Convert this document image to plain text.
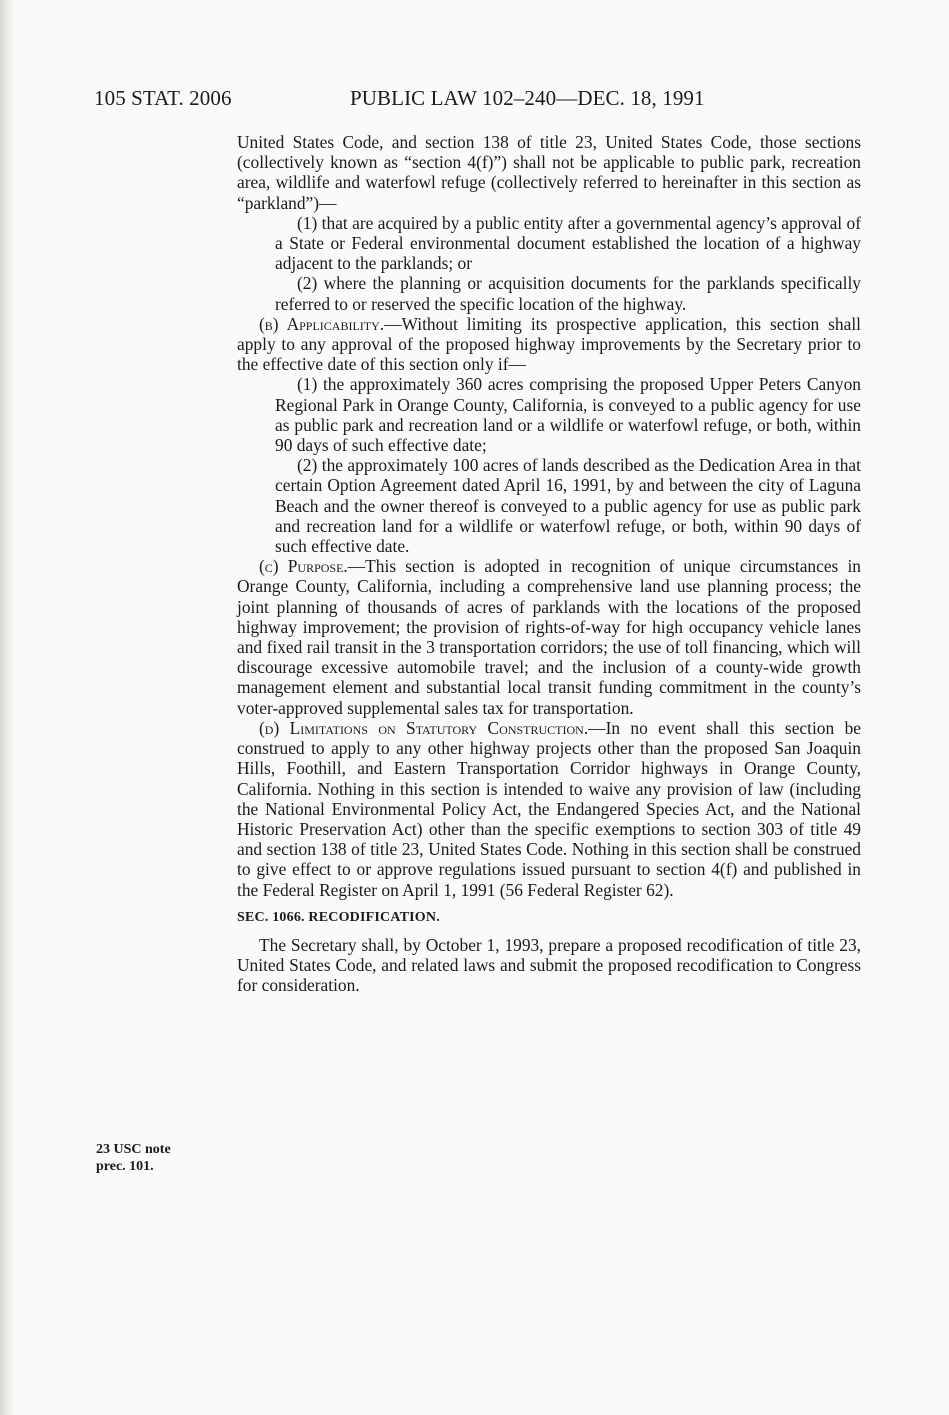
105 STAT. 2006	PUBLIC LAW 102–240—DEC. 18, 1991
23 USC note
prec. 101.

United States Code, and section 138 of title 23, United States Code, those sections (collectively known as “section 4(f)”) shall not be applicable to public park, recreation area, wildlife and waterfowl refuge (collectively referred to hereinafter in this section as “parkland”)—

(1) that are acquired by a public entity after a governmental agency’s approval of a State or Federal environmental document established the location of a highway adjacent to the parklands; or

(2) where the planning or acquisition documents for the parklands specifically referred to or reserved the specific location of the highway.

(b) Applicability.—Without limiting its prospective application, this section shall apply to any approval of the proposed highway improvements by the Secretary prior to the effective date of this section only if—

(1) the approximately 360 acres comprising the proposed Upper Peters Canyon Regional Park in Orange County, California, is conveyed to a public agency for use as public park and recreation land or a wildlife or waterfowl refuge, or both, within 90 days of such effective date;

(2) the approximately 100 acres of lands described as the Dedication Area in that certain Option Agreement dated April 16, 1991, by and between the city of Laguna Beach and the owner thereof is conveyed to a public agency for use as public park and recreation land for a wildlife or waterfowl refuge, or both, within 90 days of such effective date.

(c) Purpose.—This section is adopted in recognition of unique circumstances in Orange County, California, including a comprehensive land use planning process; the joint planning of thousands of acres of parklands with the locations of the proposed highway improvement; the provision of rights-of-way for high occupancy vehicle lanes and fixed rail transit in the 3 transportation corridors; the use of toll financing, which will discourage excessive automobile travel; and the inclusion of a county-wide growth management element and substantial local transit funding commitment in the county’s voter-approved supplemental sales tax for transportation.

(d) Limitations on Statutory Construction.—In no event shall this section be construed to apply to any other highway projects other than the proposed San Joaquin Hills, Foothill, and Eastern Transportation Corridor highways in Orange County, California. Nothing in this section is intended to waive any provision of law (including the National Environmental Policy Act, the Endangered Species Act, and the National Historic Preservation Act) other than the specific exemptions to section 303 of title 49 and section 138 of title 23, United States Code. Nothing in this section shall be construed to give effect to or approve regulations issued pursuant to section 4(f) and published in the Federal Register on April 1, 1991 (56 Federal Register 62).

SEC. 1066. RECODIFICATION.

The Secretary shall, by October 1, 1993, prepare a proposed recodification of title 23, United States Code, and related laws and submit the proposed recodification to Congress for consideration.
